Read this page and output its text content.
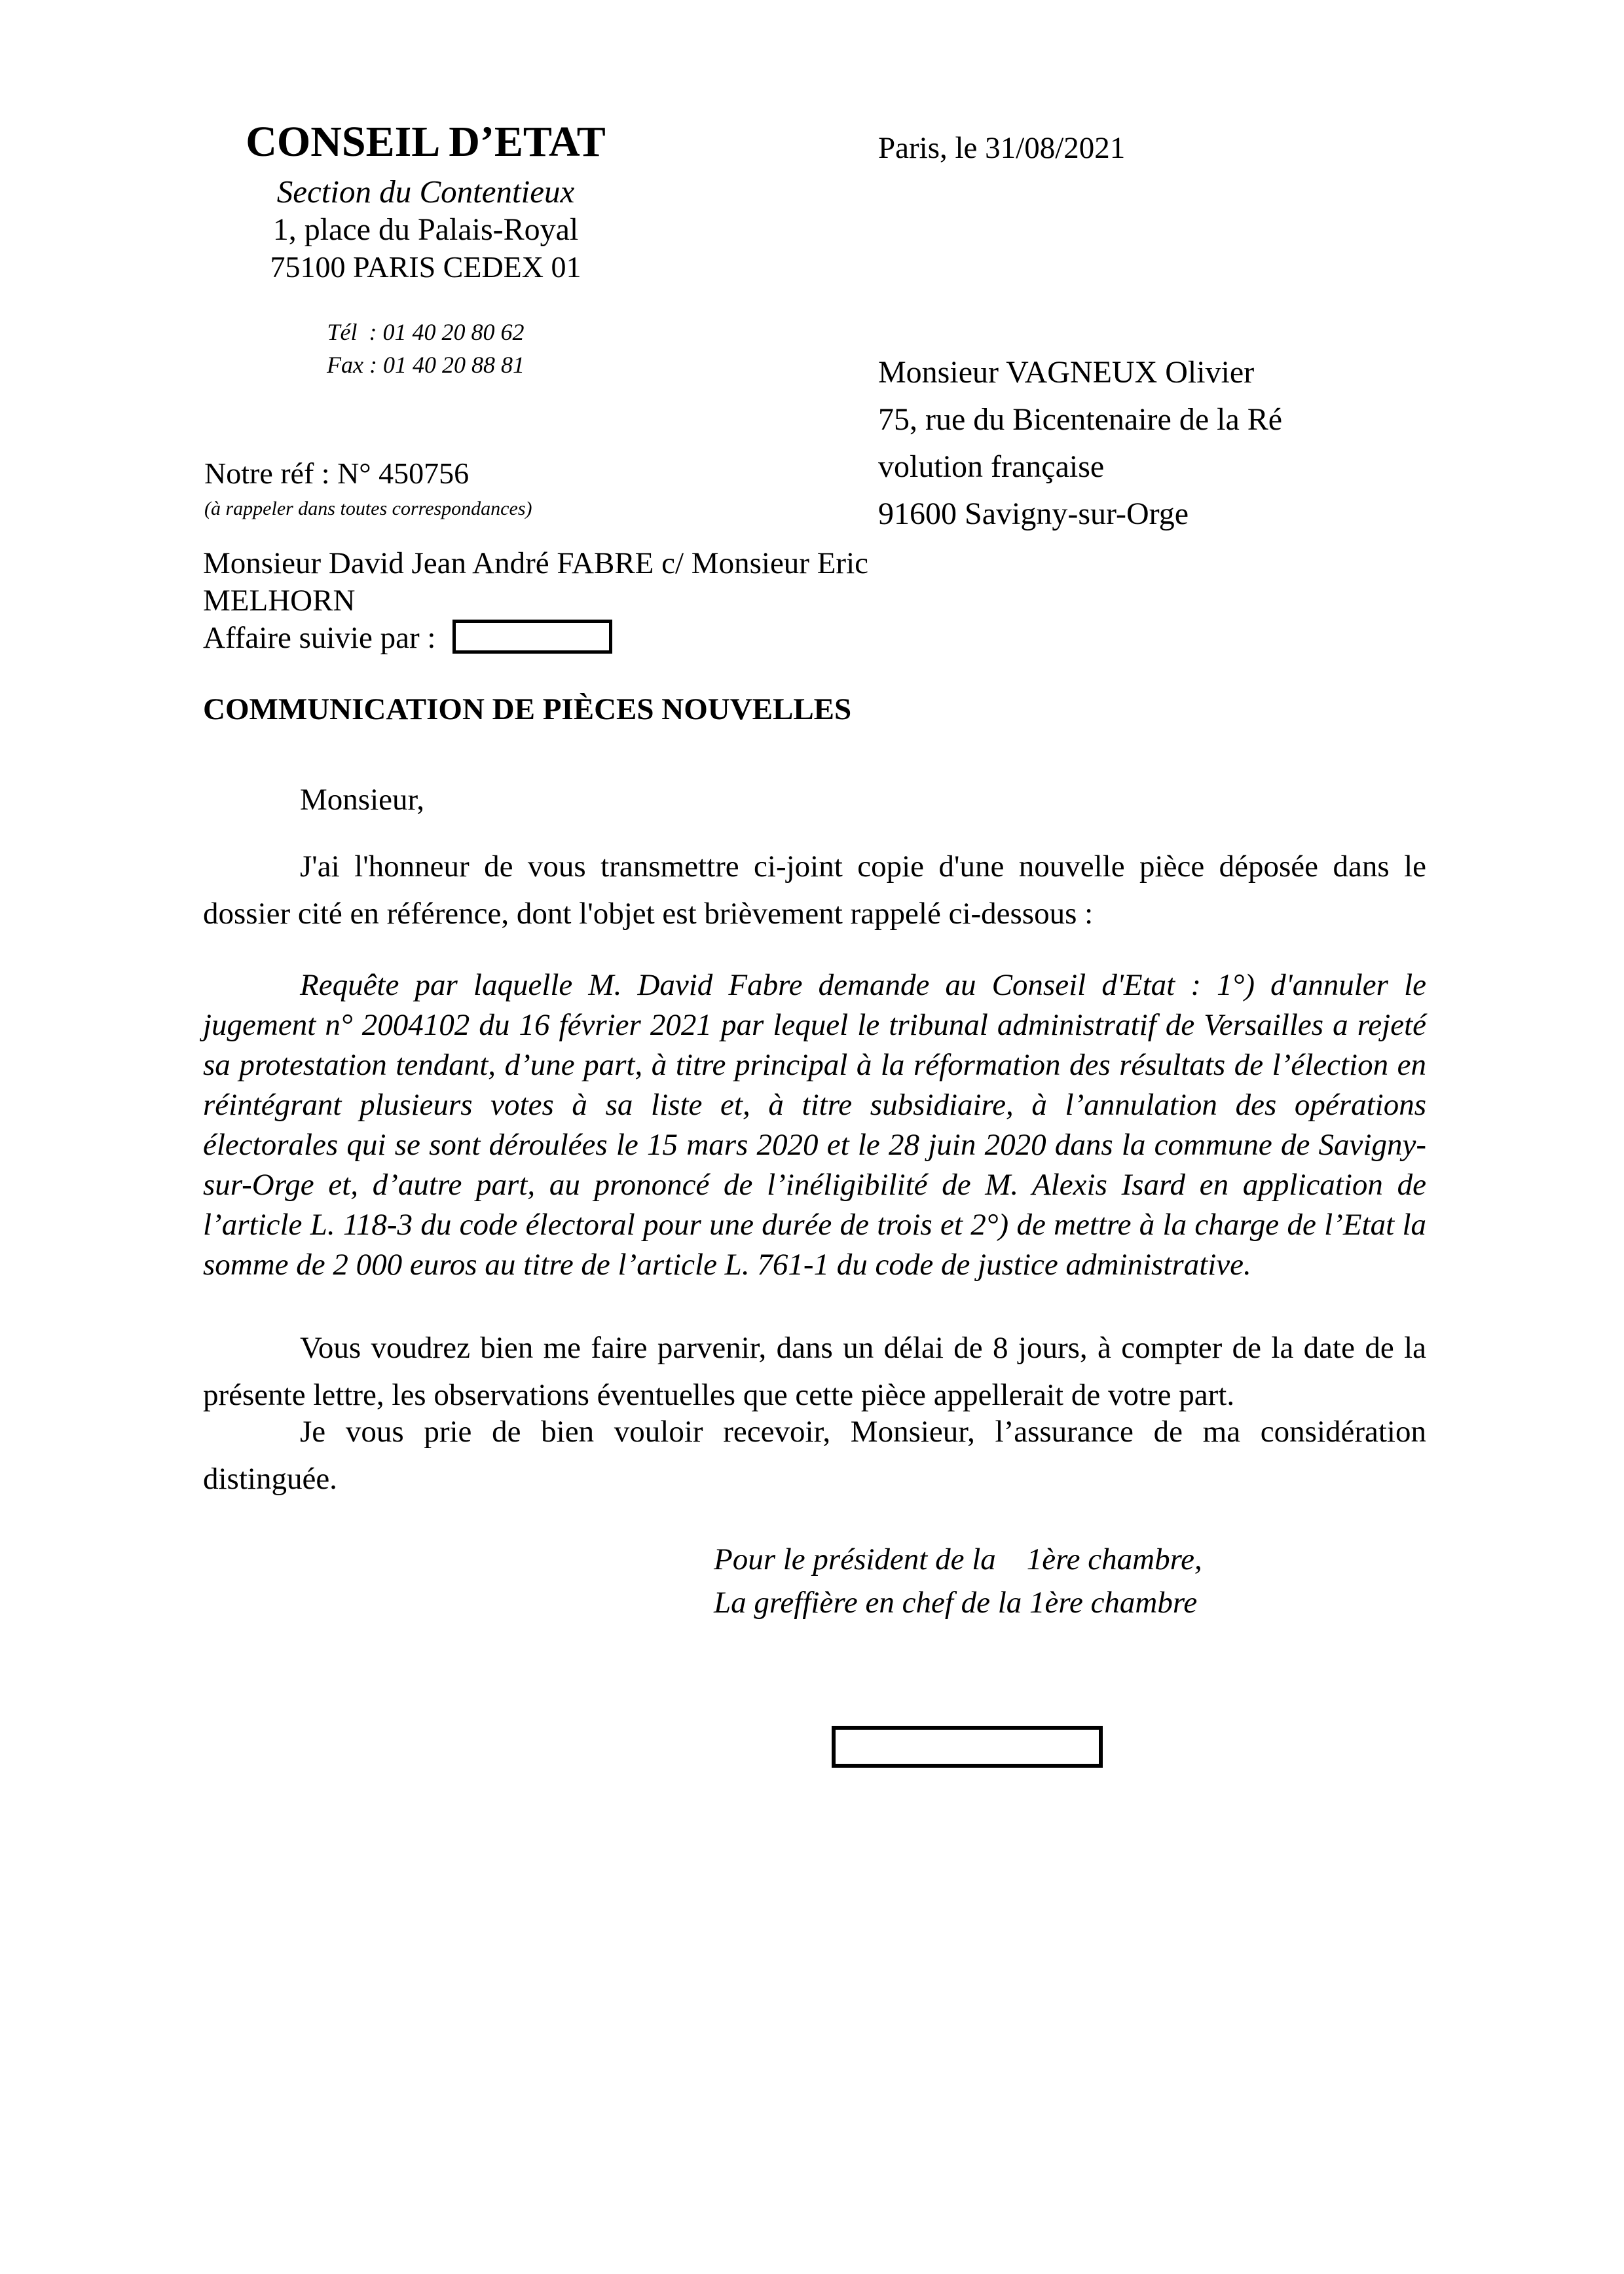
CONSEIL D’ETAT
Section du Contentieux
1, place du Palais-Royal
75100 PARIS CEDEX 01
Tél  : 01 40 20 80 62
Fax : 01 40 20 88 81
Paris, le 31/08/2021
Monsieur VAGNEUX Olivier
75, rue du Bicentenaire de la Ré
volution française
91600 Savigny-sur-Orge
Notre réf : N° 450756
(à rappeler dans toutes correspondances)
Monsieur David Jean André FABRE c/ Monsieur Eric
MELHORN
Affaire suivie par :
COMMUNICATION DE PIÈCES NOUVELLES
Monsieur,
J'ai l'honneur de vous transmettre ci-joint copie d'une nouvelle pièce déposée dans le dossier cité en référence, dont l'objet est brièvement rappelé ci-dessous :
Requête par laquelle M. David Fabre demande au Conseil d'Etat : 1°) d'annuler le jugement n° 2004102 du 16 février 2021 par lequel le tribunal administratif de Versailles a rejeté sa protestation tendant, d’une part, à titre principal à la réformation des résultats de l’élection en réintégrant plusieurs votes à sa liste et, à titre subsidiaire, à l’annulation des opérations électorales qui se sont déroulées le 15 mars 2020 et le 28 juin 2020 dans la commune de Savigny-sur-Orge et, d’autre part, au prononcé de l’inéligibilité de M. Alexis Isard en application de l’article L. 118-3 du code électoral pour une durée de trois et 2°) de mettre à la charge de l’Etat la somme de 2 000 euros au titre de l’article L. 761-1 du code de justice administrative.
Vous voudrez bien me faire parvenir, dans un délai de 8 jours, à compter de la date de la présente lettre, les observations éventuelles que cette pièce appellerait de votre part.
Je vous prie de bien vouloir recevoir, Monsieur, l’assurance de ma considération distinguée.
Pour le président de la    1ère chambre,
La greffière en chef de la 1ère chambre
